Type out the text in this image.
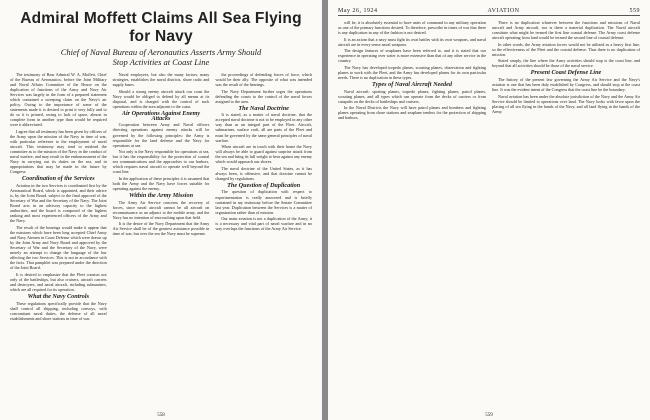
Admiral Moffett Claims All Sea Flying for Navy
Chief of Naval Bureau of Aeronautics Asserts Army Should
Stop Activities at Coast Line

The testimony of Rear Admiral W. A. Moffett, Chief of the Bureau of Aeronautics, before the Joint Military and Naval Affairs Committee of the House on the duplication of functions of the Army and Navy Air Services was largely in the form of a prepared statement which contained a sweeping claim on the Navy's air policy. Owing to the importance of some of the statements made it is desired to print it very fully and to do so it is printed, owing to lack of space, almost in complete form in another type than would be required were it abbreviated.

I agree that all testimony has been given by officers of the Army upon the mission of the Navy in time of war, with particular reference to the employment of naval aircraft. This testimony may tend to mislead the committee as to the mission of the Navy in the conduct of naval warfare, and may result in the embarrassment of the Navy in carrying out its duties on the sea, and in appropriations that may be made in the future by Congress.

Coordination of the Services

Aviation in the two Services is coordinated first by the Aeronautical Board, which is appointed, and their advice is, by the Joint Board, subject to the final approval of the Secretary of War and the Secretary of the Navy. The Joint Board acts in an advisory capacity to the highest authorities, and the board is composed of the highest ranking and most experienced officers of the Army and the Navy.

The result of the hearings would make it appear that the missions which have been long accepted Chief Army and Navy Airmen in Coast Defense which were drawn up by the Joint Army and Navy Board and approved by the Secretary of War and the Secretary of the Navy, were merely an attempt to change the language of the law affecting the two Services. This is not in accordance with the facts. That pamphlet was prepared under the direction of the Joint Board.

It is desired to emphasize that the Fleet consists not only of the battleships, but also cruisers, aircraft carriers and destroyers, and naval aircraft, including submarines, which are all required for its operation.

What the Navy Controls

These regulations specifically provide that the Navy shall control all shipping, including convoys, with concomitant naval duties, the defense of all naval establishments and shore stations in time of war.

Naval employees, but also the many factors, many strategies, establishes the naval districts, shore radio and supply bases.

Should a strong enemy aircraft attack our coast the Navy would be obliged to defend by all means at its disposal, and is charged with the control of such operations within the area adjacent to the coast.

Air Operations Against Enemy Attacks

Cooperation between Army and Naval officers directing operations against enemy attacks will be governed by the following principles: the Army is responsible for the land defense and the Navy for operations at sea.

Not only is the Navy responsible for operations at sea, but it has the responsibility for the protection of coastal sea communications and the approaches to our harbors, which requires naval aircraft to operate well beyond the coast line.

In the application of these principles it is assumed that both the Army and the Navy have forces suitable for operating against the enemy.

Within the Army Mission

The Army Air Service concerns the recovery of forces, since naval aircraft cannot be all aircraft on reconnaissance as an adjunct to the mobile army, and the Navy has no intention of encroaching upon that field.

It is the desire of the Navy Department that the Army Air Service shall be of the greatest assistance possible in time of war, but over the sea the Navy must be supreme.

the proceedings of defending forces of force, which would be their ally. The opposite of what was intended was the result of the hearings.

The Navy Department further urges the operations defending the coasts to the control of the naval forces assigned to the area.

The Naval Doctrine

It is stated, as a matter of naval doctrine, that the accepted naval doctrine is not to be employed in any other way than as an integral part of the Fleet. Aircraft, submarines, surface craft, all are parts of the Fleet and must be governed by the same general principles of naval warfare.

When aircraft are in touch with their home the Navy will always be able to guard against surprise attack from the sea and bring its full weight to bear against any enemy which would approach our shores.

The naval doctrine of the United States, as it has always been, is offensive, and that doctrine cannot be changed by regulations.

The Question of Duplication

The question of duplication with respect to experimentation is really answered and is briefly contained in my testimony before the Senate Committee last year. Duplication between the Services is a matter of organization rather than of mission.

Our main aviation is not a duplication of the Army; it is a necessary and vital part of naval warfare and in no way overlaps the functions of the Army Air Service.

558
May 26, 1924	AVIATION	559

will be, it is absolutely essential to have units of command in any military operation as one of the primary functions desired. To therefore, prescribe in times of war that there is any duplication in any of the fashion is not desired.

It is an axiom that a navy must fight its own battles with its own weapons, and naval aircraft are in every sense naval weapons.

The design features of seaplanes have been referred to, and it is stated that our experience in operating over water is more extensive than that of any other service in the country.

The Navy has developed torpedo planes, scouting planes, observation and fighting planes to work with the Fleet, and the Army has developed planes for its own particular needs. There is no duplication in these types.

Types of Naval Aircraft Needed

Naval aircraft: spotting planes, torpedo planes, fighting planes, patrol planes, scouting planes, and all types which can operate from the decks of carriers or from catapults on the decks of battleships and cruisers.

In the Naval Districts the Navy will have patrol planes and bombers and fighting planes operating from shore stations and seaplane tenders for the protection of shipping and harbors.

There is no duplication whatever between the functions and missions of Naval aircraft and Army aircraft, nor is there a material duplication. The Naval aircraft constitute what might be termed the first line coastal defense. The Army coast defense aircraft operating from land would be termed the second line of coastal defense.

In other words, the Army aviation forces would not be utilized as a heavy first line, so the effectiveness of the Fleet and the coastal defense. Thus there is no duplication of mission.

Stated simply, the line where the Army activities should stop is the coast line, and beyond that all activities should be those of the naval service.

Present Coast Defense Line

The history of the present law governing the Army Air Service and the Navy's aviation is one that has been duly established by Congress, and should stop at the coast line. It was the evident intent of the Congress that the coast line be the boundary.

Naval aviation has been under the absolute jurisdiction of the Navy and the Army Air Service should be limited to operations over land. The Navy looks with favor upon the placing of all sea flying in the hands of the Navy, and all land flying in the hands of the Army.

559
